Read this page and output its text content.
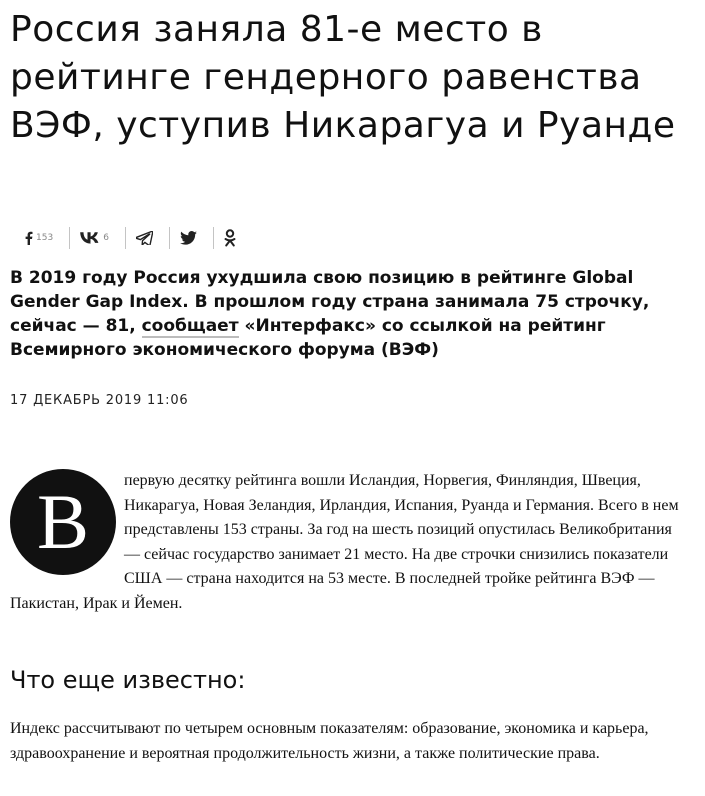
Россия заняла 81-е место в рейтинге гендерного равенства ВЭФ, уступив Никарагуа и Руанде
153	6

В 2019 году Россия ухудшила свою позицию в рейтинге Global Gender Gap Index. В прошлом году страна занимала 75 строчку, сейчас — 81, сообщает «Интерфакс» со ссылкой на рейтинг Всемирного экономического форума (ВЭФ)

17 ДЕКАБРЬ 2019 11:06

В	первую десятку рейтинга вошли Исландия, Норвегия, Финляндия, Швеция, Никарагуа, Новая Зеландия, Ирландия, Испания, Руанда и Германия. Всего в нем представлены 153 страны. За год на шесть позиций опустилась Великобритания — сейчас государство занимает 21 место. На две строчки снизились показатели США — страна находится на 53 месте. В последней тройке рейтинга ВЭФ — Пакистан, Ирак и Йемен.

Что еще известно:

Индекс рассчитывают по четырем основным показателям: образование, экономика и карьера, здравоохранение и вероятная продолжительность жизни, а также политические права.
